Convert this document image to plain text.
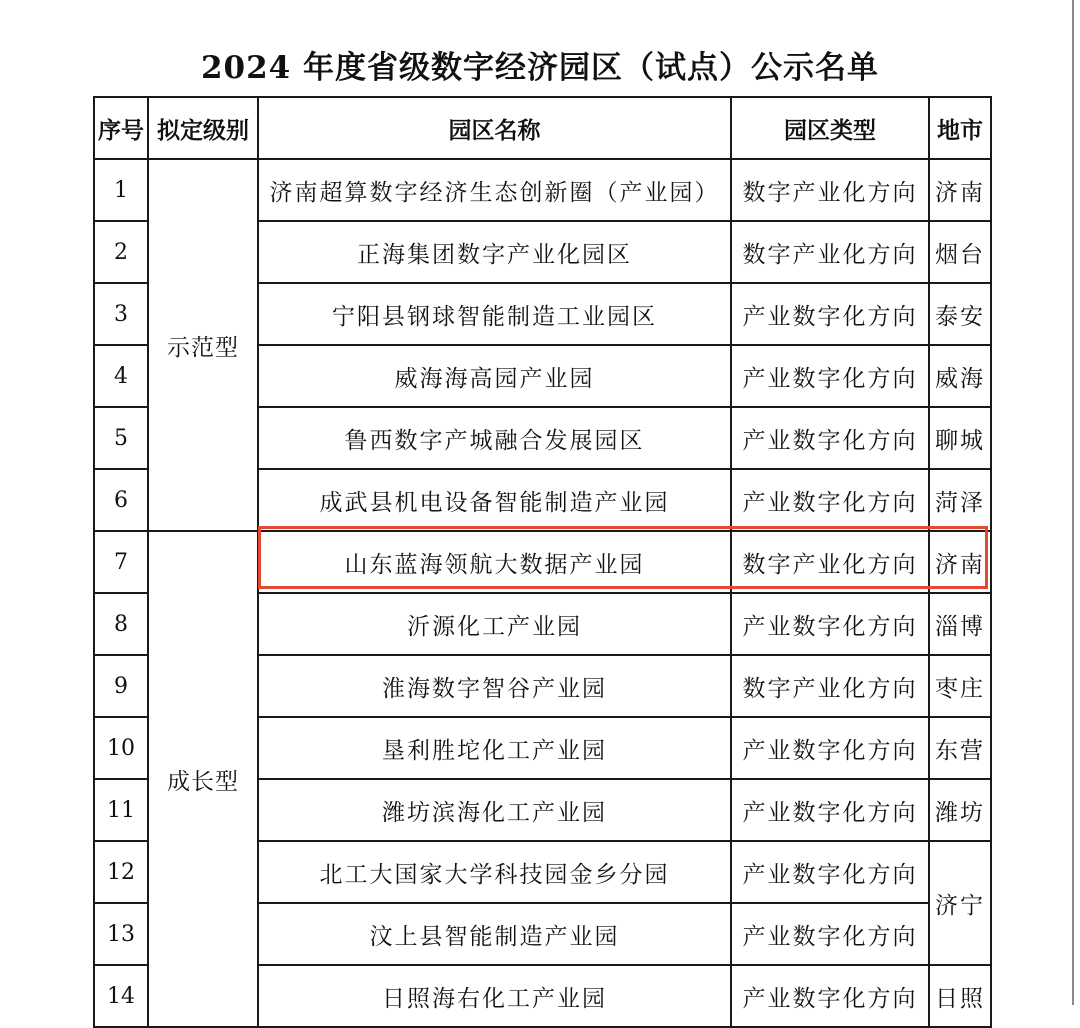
2024 年度省级数字经济园区（试点）公示名单
序号	拟定级别	园区名称	园区类型	地市
1	示范型	济南超算数字经济生态创新圈（产业园）	数字产业化方向	济南
2		正海集团数字产业化园区	数字产业化方向	烟台
3		宁阳县钢球智能制造工业园区	产业数字化方向	泰安
4		威海海高园产业园	产业数字化方向	威海
5		鲁西数字产城融合发展园区	产业数字化方向	聊城
6		成武县机电设备智能制造产业园	产业数字化方向	菏泽
7	成长型	山东蓝海领航大数据产业园	数字产业化方向	济南
8		沂源化工产业园	产业数字化方向	淄博
9		淮海数字智谷产业园	数字产业化方向	枣庄
10		垦利胜坨化工产业园	产业数字化方向	东营
11		潍坊滨海化工产业园	产业数字化方向	潍坊
12		北工大国家大学科技园金乡分园	产业数字化方向	济宁
13		汶上县智能制造产业园	产业数字化方向	
14		日照海右化工产业园	产业数字化方向	日照
